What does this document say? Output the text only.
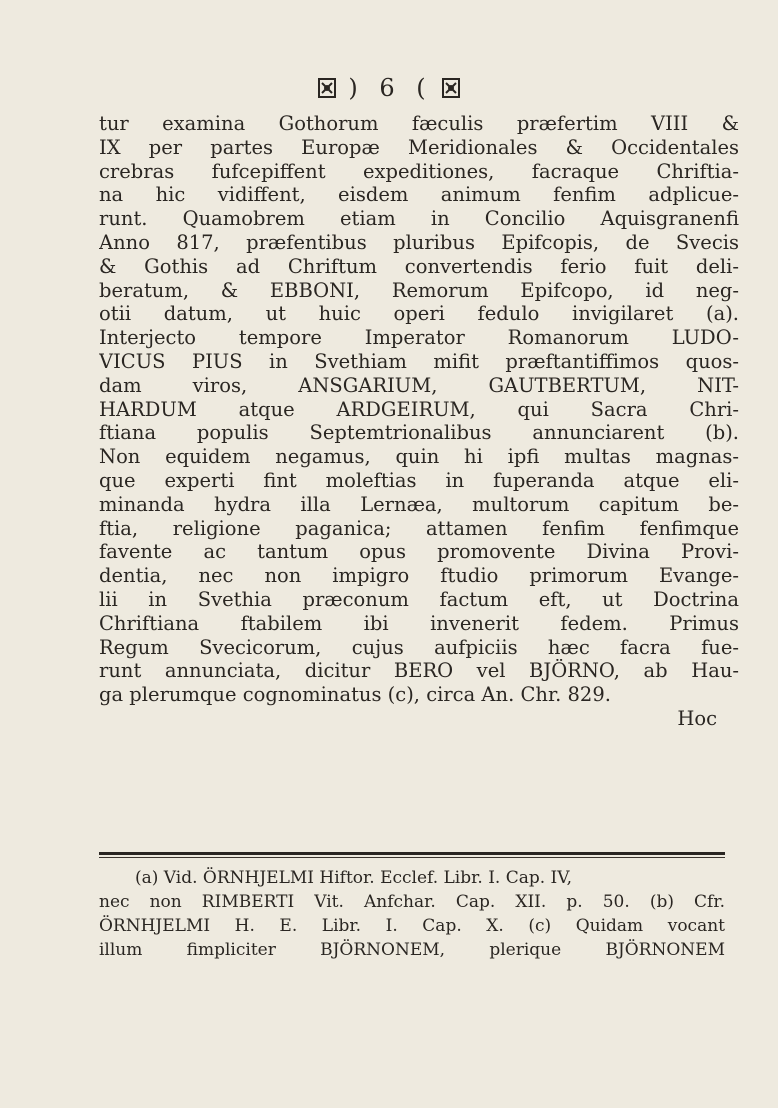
) 6 (
tur examina Gothorum fæculis præfertim VIII &
IX per partes Europæ Meridionales & Occidentales
crebras fufcepiffent expeditiones, facraque Chriftia-
na hic vidiffent, eisdem animum fenfim adplicue-
runt. Quamobrem etiam in Concilio Aquisgranenfi
Anno 817, præfentibus pluribus Epifcopis, de Svecis
& Gothis ad Chriftum convertendis ferio fuit deli-
beratum, & EBBONI, Remorum Epifcopo, id neg-
otii datum, ut huic operi fedulo invigilaret (a).
Interjecto tempore Imperator Romanorum LUDO-
VICUS PIUS in Svethiam mifit præftantiffimos quos-
dam viros, ANSGARIUM, GAUTBERTUM, NIT-
HARDUM atque ARDGEIRUM, qui Sacra Chri-
ftiana populis Septemtrionalibus annunciarent (b).
Non equidem negamus, quin hi ipfi multas magnas-
que experti fint moleftias in fuperanda atque eli-
minanda hydra illa Lernæa, multorum capitum be-
ftia, religione paganica; attamen fenfim fenfimque
favente ac tantum opus promovente Divina Provi-
dentia, nec non impigro ftudio primorum Evange-
lii in Svethia præconum factum eft, ut Doctrina
Chriftiana ftabilem ibi invenerit fedem. Primus
Regum Svecicorum, cujus aufpiciis hæc facra fue-
runt annunciata, dicitur BERO vel BJÖRNO, ab Hau-
ga plerumque cognominatus (c), circa An. Chr. 829.
Hoc
(a) Vid. ÖRNHJELMI Hiftor. Ecclef. Libr. I. Cap. IV,
nec non RIMBERTI Vit. Anfchar. Cap. XII. p. 50. (b) Cfr.
ÖRNHJELMI H. E. Libr. I. Cap. X. (c) Quidam vocant
illum fimpliciter BJÖRNONEM, plerique BJÖRNONEM
